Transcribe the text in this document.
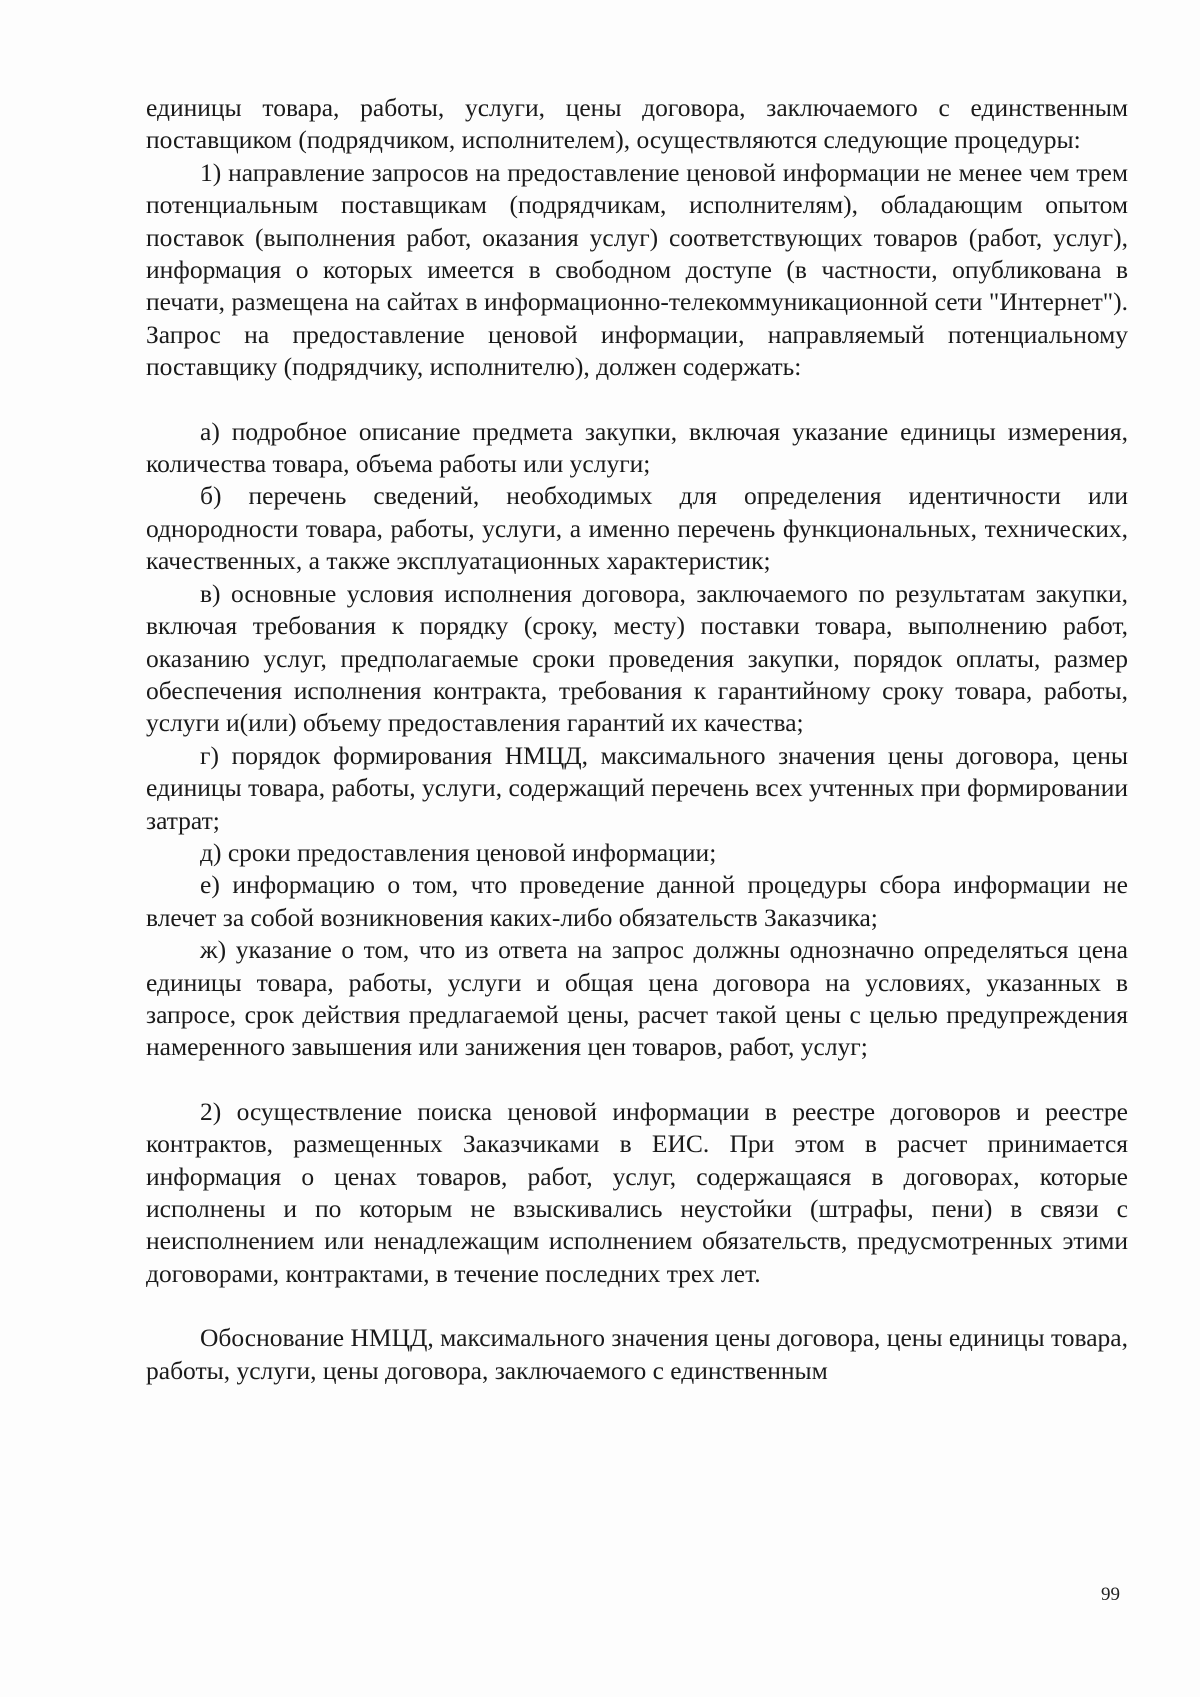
единицы товара, работы, услуги, цены договора, заключаемого с единственным поставщиком (подрядчиком, исполнителем), осуществляются следующие процедуры:

1) направление запросов на предоставление ценовой информации не менее чем трем потенциальным поставщикам (подрядчикам, исполнителям), обладающим опытом поставок (выполнения работ, оказания услуг) соответствующих товаров (работ, услуг), информация о которых имеется в свободном доступе (в частности, опубликована в печати, размещена на сайтах в информационно-телекоммуникационной сети "Интернет"). Запрос на предоставление ценовой информации, направляемый потенциальному поставщику (подрядчику, исполнителю), должен содержать:

а) подробное описание предмета закупки, включая указание единицы измерения, количества товара, объема работы или услуги;

б) перечень сведений, необходимых для определения идентичности или однородности товара, работы, услуги, а именно перечень функциональных, технических, качественных, а также эксплуатационных характеристик;

в) основные условия исполнения договора, заключаемого по результатам закупки, включая требования к порядку (сроку, месту) поставки товара, выполнению работ, оказанию услуг, предполагаемые сроки проведения закупки, порядок оплаты, размер обеспечения исполнения контракта, требования к гарантийному сроку товара, работы, услуги и(или) объему предоставления гарантий их качества;

г) порядок формирования НМЦД, максимального значения цены договора, цены единицы товара, работы, услуги, содержащий перечень всех учтенных при формировании затрат;

д) сроки предоставления ценовой информации;

е) информацию о том, что проведение данной процедуры сбора информации не влечет за собой возникновения каких-либо обязательств Заказчика;

ж) указание о том, что из ответа на запрос должны однозначно определяться цена единицы товара, работы, услуги и общая цена договора на условиях, указанных в запросе, срок действия предлагаемой цены, расчет такой цены с целью предупреждения намеренного завышения или занижения цен товаров, работ, услуг;

2) осуществление поиска ценовой информации в реестре договоров и реестре контрактов, размещенных Заказчиками в ЕИС. При этом в расчет принимается информация о ценах товаров, работ, услуг, содержащаяся в договорах, которые исполнены и по которым не взыскивались неустойки (штрафы, пени) в связи с неисполнением или ненадлежащим исполнением обязательств, предусмотренных этими договорами, контрактами, в течение последних трех лет.

Обоснование НМЦД, максимального значения цены договора, цены единицы товара, работы, услуги, цены договора, заключаемого с единственным

99
